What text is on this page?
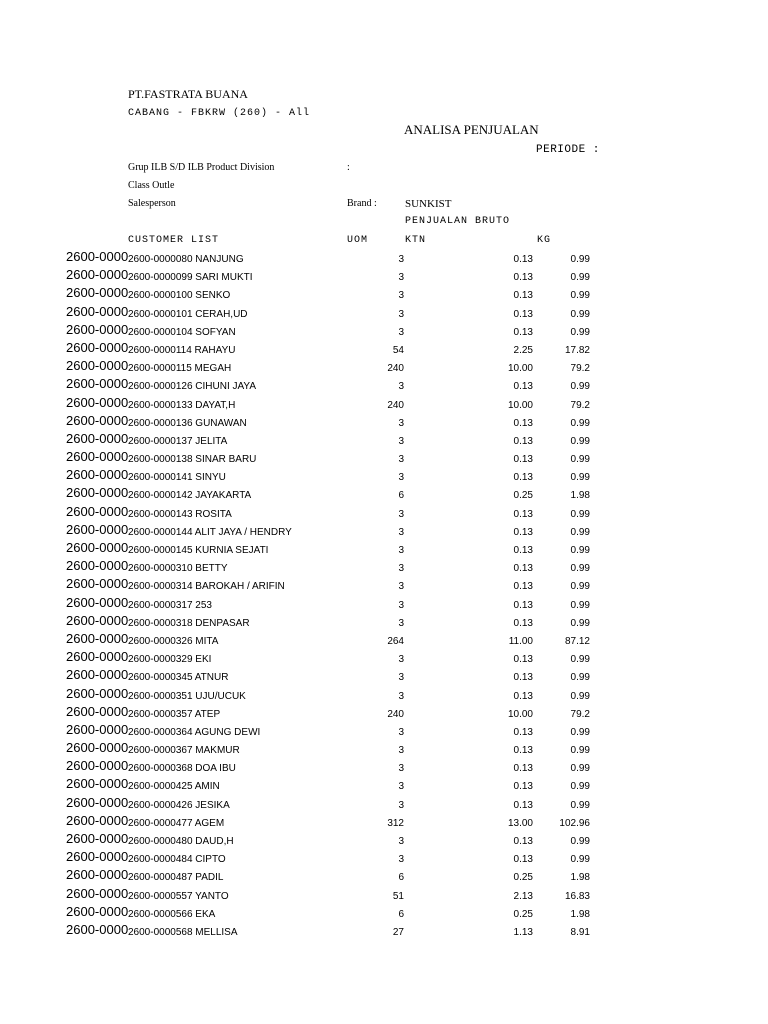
PT.FASTRATA BUANA
CABANG - FBKRW (260) - All
ANALISA PENJUALAN
PERIODE :
Grup ILB S/D ILB Product Division	:
Class Outle
Salesperson	Brand :	SUNKIST
PENJUALAN BRUTO
CUSTOMER LIST	UOM	KTN	KG
2600-0000 2600-0000080 NANJUNG	3	0.13	0.99
2600-0000 2600-0000099 SARI MUKTI	3	0.13	0.99
2600-0000 2600-0000100 SENKO	3	0.13	0.99
2600-0000 2600-0000101 CERAH,UD	3	0.13	0.99
2600-0000 2600-0000104 SOFYAN	3	0.13	0.99
2600-0000 2600-0000114 RAHAYU	54	2.25	17.82
2600-0000 2600-0000115 MEGAH	240	10.00	79.2
2600-0000 2600-0000126 CIHUNI JAYA	3	0.13	0.99
2600-0000 2600-0000133 DAYAT,H	240	10.00	79.2
2600-0000 2600-0000136 GUNAWAN	3	0.13	0.99
2600-0000 2600-0000137 JELITA	3	0.13	0.99
2600-0000 2600-0000138 SINAR BARU	3	0.13	0.99
2600-0000 2600-0000141 SINYU	3	0.13	0.99
2600-0000 2600-0000142 JAYAKARTA	6	0.25	1.98
2600-0000 2600-0000143 ROSITA	3	0.13	0.99
2600-0000 2600-0000144 ALIT JAYA / HENDRY	3	0.13	0.99
2600-0000 2600-0000145 KURNIA SEJATI	3	0.13	0.99
2600-0000 2600-0000310 BETTY	3	0.13	0.99
2600-0000 2600-0000314 BAROKAH / ARIFIN	3	0.13	0.99
2600-0000 2600-0000317 253	3	0.13	0.99
2600-0000 2600-0000318 DENPASAR	3	0.13	0.99
2600-0000 2600-0000326 MITA	264	11.00	87.12
2600-0000 2600-0000329 EKI	3	0.13	0.99
2600-0000 2600-0000345 ATNUR	3	0.13	0.99
2600-0000 2600-0000351 UJU/UCUK	3	0.13	0.99
2600-0000 2600-0000357 ATEP	240	10.00	79.2
2600-0000 2600-0000364 AGUNG DEWI	3	0.13	0.99
2600-0000 2600-0000367 MAKMUR	3	0.13	0.99
2600-0000 2600-0000368 DOA IBU	3	0.13	0.99
2600-0000 2600-0000425 AMIN	3	0.13	0.99
2600-0000 2600-0000426 JESIKA	3	0.13	0.99
2600-0000 2600-0000477 AGEM	312	13.00	102.96
2600-0000 2600-0000480 DAUD,H	3	0.13	0.99
2600-0000 2600-0000484 CIPTO	3	0.13	0.99
2600-0000 2600-0000487 PADIL	6	0.25	1.98
2600-0000 2600-0000557 YANTO	51	2.13	16.83
2600-0000 2600-0000566 EKA	6	0.25	1.98
2600-0000 2600-0000568 MELLISA	27	1.13	8.91
